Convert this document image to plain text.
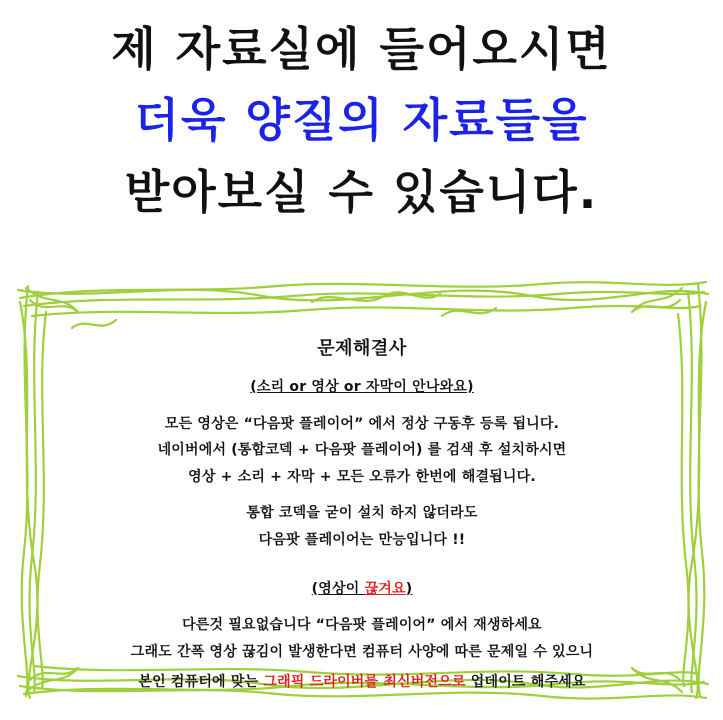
제 자료실에 들어오시면
더욱 양질의 자료들을
받아보실 수 있습니다.
문제해결사

(소리 or 영상 or 자막이 안나와요)

모든 영상은 “다음팟 플레이어” 에서 정상 구동후 등록 됩니다.

네이버에서 (통합코덱 + 다음팟 플레이어) 를 검색 후 설치하시면

영상 + 소리 + 자막 + 모든 오류가 한번에 해결됩니다.

통합 코덱을 굳이 설치 하지 않더라도

다음팟 플레이어는 만능입니다 !!

(영상이 끊겨요)

다른것 필요없습니다 “다음팟 플레이어” 에서 재생하세요

그래도 간폭 영상 끊김이 발생한다면 컴퓨터 사양에 따른 문제일 수 있으니

본인 컴퓨터에 맞는 그래픽 드라이버를 최신버전으로 업데이트 해주세요
